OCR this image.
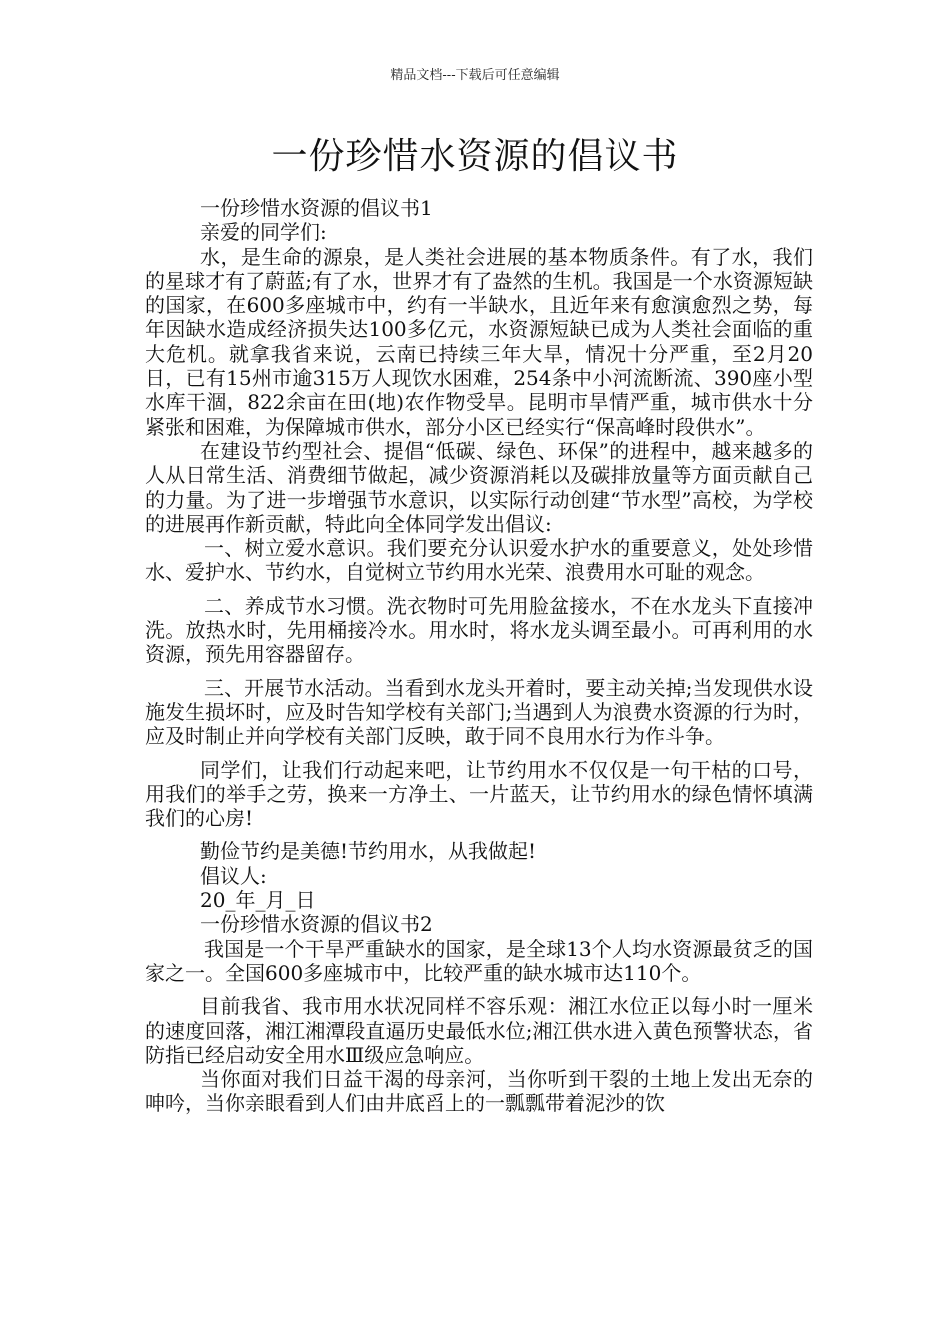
精品文档---下载后可任意编辑
一份珍惜水资源的倡议书

一份珍惜水资源的倡议书1

亲爱的同学们:

水，是生命的源泉，是人类社会进展的基本物质条件。有了水，我们的星球才有了蔚蓝;有了水，世界才有了盎然的生机。我国是一个水资源短缺的国家，在600多座城市中，约有一半缺水，且近年来有愈演愈烈之势，每年因缺水造成经济损失达100多亿元，水资源短缺已成为人类社会面临的重大危机。就拿我省来说，云南已持续三年大旱，情况十分严重，至2月20日，已有15州市逾315万人现饮水困难，254条中小河流断流、390座小型水库干涸，822余亩在田(地)农作物受旱。昆明市旱情严重，城市供水十分紧张和困难，为保障城市供水，部分小区已经实行“保高峰时段供水”。

在建设节约型社会、提倡“低碳、绿色、环保”的进程中，越来越多的人从日常生活、消费细节做起，减少资源消耗以及碳排放量等方面贡献自己的力量。为了进一步增强节水意识，以实际行动创建“节水型”高校，为学校的进展再作新贡献，特此向全体同学发出倡议:

一、树立爱水意识。我们要充分认识爱水护水的重要意义，处处珍惜水、爱护水、节约水，自觉树立节约用水光荣、浪费用水可耻的观念。

二、养成节水习惯。洗衣物时可先用脸盆接水，不在水龙头下直接冲洗。放热水时，先用桶接冷水。用水时，将水龙头调至最小。可再利用的水资源，预先用容器留存。

三、开展节水活动。当看到水龙头开着时，要主动关掉;当发现供水设施发生损坏时，应及时告知学校有关部门;当遇到人为浪费水资源的行为时，应及时制止并向学校有关部门反映，敢于同不良用水行为作斗争。

同学们，让我们行动起来吧，让节约用水不仅仅是一句干枯的口号，用我们的举手之劳，换来一方净土、一片蓝天，让节约用水的绿色情怀填满我们的心房!

勤俭节约是美德!节约用水，从我做起!

倡议人:

20_年_月_日

一份珍惜水资源的倡议书2

我国是一个干旱严重缺水的国家，是全球13个人均水资源最贫乏的国家之一。全国600多座城市中，比较严重的缺水城市达110个。

目前我省、我市用水状况同样不容乐观：湘江水位正以每小时一厘米的速度回落，湘江湘潭段直逼历史最低水位;湘江供水进入黄色预警状态，省防指已经启动安全用水Ⅲ级应急响应。

当你面对我们日益干渴的母亲河，当你听到干裂的土地上发出无奈的呻吟，当你亲眼看到人们由井底舀上的一瓢瓢带着泥沙的饮
